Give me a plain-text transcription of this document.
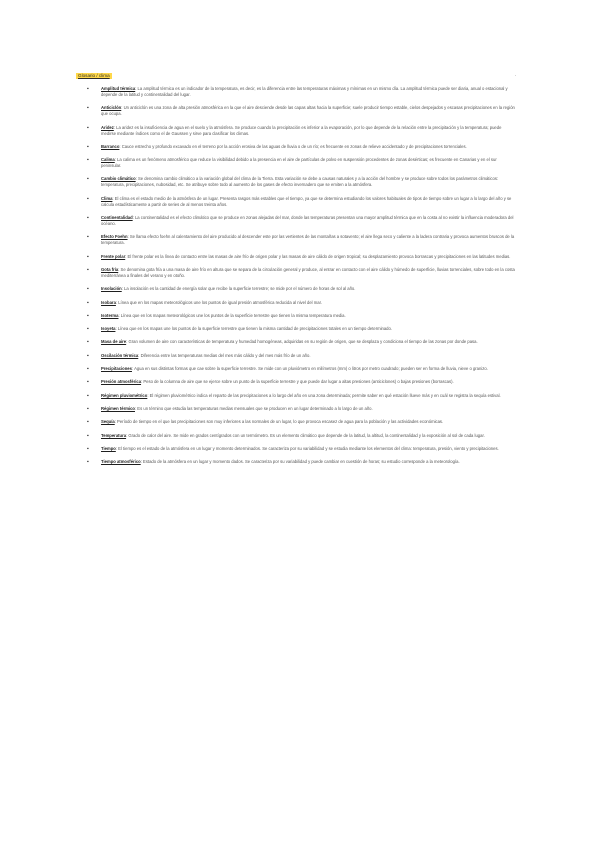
Glosario / clima	.
▪	Amplitud térmica: La amplitud térmica es un indicador de la temperatura, es decir, es la diferencia entre las temperaturas máximas y mínimas en un mismo día. La amplitud térmica puede ser diaria, anual o estacional y depende de la latitud y continentalidad del lugar.
▪	Anticiclón: Un anticiclón es una zona de alta presión atmosférica en la que el aire desciende desde las capas altas hacia la superficie; suele producir tiempo estable, cielos despejados y escasas precipitaciones en la región que ocupa.
▪	Aridez: La aridez es la insuficiencia de agua en el suelo y la atmósfera. Se produce cuando la precipitación es inferior a la evaporación, por lo que depende de la relación entre la precipitación y la temperatura; puede medirse mediante índices como el de Gaussen y sirve para clasificar los climas.
▪	Barranco: Cauce estrecho y profundo excavado en el terreno por la acción erosiva de las aguas de lluvia o de un río; es frecuente en zonas de relieve accidentado y de precipitaciones torrenciales.
▪	Calima: La calima es un fenómeno atmosférico que reduce la visibilidad debido a la presencia en el aire de partículas de polvo en suspensión procedentes de zonas desérticas; es frecuente en Canarias y en el sur peninsular.
▪	Cambio climático: Se denomina cambio climático a la variación global del clima de la Tierra. Esta variación se debe a causas naturales y a la acción del hombre y se produce sobre todos los parámetros climáticos: temperatura, precipitaciones, nubosidad, etc. Se atribuye sobre todo al aumento de los gases de efecto invernadero que se emiten a la atmósfera.
▪	Clima: El clima es el estado medio de la atmósfera de un lugar. Presenta rasgos más estables que el tiempo, ya que se determina estudiando los valores habituales de tipos de tiempo sobre un lugar a lo largo del año y se calcula estadísticamente a partir de series de al menos treinta años.
▪	Continentalidad: La continentalidad es el efecto climático que se produce en zonas alejadas del mar, donde las temperaturas presentan una mayor amplitud térmica que en la costa al no existir la influencia moderadora del océano.
▪	Efecto Foehn: Se llama efecto foehn al calentamiento del aire producido al descender este por las vertientes de las montañas a sotavento; el aire llega seco y caliente a la ladera contraria y provoca aumentos bruscos de la temperatura.
▪	Frente polar: El frente polar es la línea de contacto entre las masas de aire frío de origen polar y las masas de aire cálido de origen tropical; su desplazamiento provoca borrascas y precipitaciones en las latitudes medias.
▪	Gota fría: Se denomina gota fría a una masa de aire frío en altura que se separa de la circulación general y produce, al entrar en contacto con el aire cálido y húmedo de superficie, lluvias torrenciales, sobre todo en la costa mediterránea a finales del verano y en otoño.
▪	Insolación: La insolación es la cantidad de energía solar que recibe la superficie terrestre; se mide por el número de horas de sol al año.
▪	Isobara: Línea que en los mapas meteorológicos une los puntos de igual presión atmosférica reducida al nivel del mar.
▪	Isoterma: Línea que en los mapas meteorológicos une los puntos de la superficie terrestre que tienen la misma temperatura media.
▪	Isoyeta: Línea que en los mapas une los puntos de la superficie terrestre que tienen la misma cantidad de precipitaciones totales en un tiempo determinado.
▪	Masa de aire: Gran volumen de aire con características de temperatura y humedad homogéneas, adquiridas en su región de origen, que se desplaza y condiciona el tiempo de las zonas por donde pasa.
▪	Oscilación térmica: Diferencia entre las temperaturas medias del mes más cálido y del mes más frío de un año.
▪	Precipitaciones: Agua en sus distintas formas que cae sobre la superficie terrestre. Se mide con un pluviómetro en milímetros (mm) o litros por metro cuadrado; pueden ser en forma de lluvia, nieve o granizo.
▪	Presión atmosférica: Peso de la columna de aire que se ejerce sobre un punto de la superficie terrestre y que puede dar lugar a altas presiones (anticiclones) o bajas presiones (borrascas).
▪	Régimen pluviométrico: El régimen pluviométrico indica el reparto de las precipitaciones a lo largo del año en una zona determinada; permite saber en qué estación llueve más y en cuál se registra la sequía estival.
▪	Régimen térmico: Es un término que estudia las temperaturas medias mensuales que se producen en un lugar determinado a lo largo de un año.
▪	Sequía: Período de tiempo en el que las precipitaciones son muy inferiores a las normales de un lugar, lo que provoca escasez de agua para la población y las actividades económicas.
▪	Temperatura: Grado de calor del aire. Se mide en grados centígrados con un termómetro. Es un elemento climático que depende de la latitud, la altitud, la continentalidad y la exposición al sol de cada lugar.
▪	Tiempo: El tiempo es el estado de la atmósfera en un lugar y momento determinados. Se caracteriza por su variabilidad y se estudia mediante los elementos del clima: temperatura, presión, viento y precipitaciones.
▪	Tiempo atmosférico: Estado de la atmósfera en un lugar y momento dados. Se caracteriza por su variabilidad y puede cambiar en cuestión de horas; su estudio corresponde a la meteorología.
